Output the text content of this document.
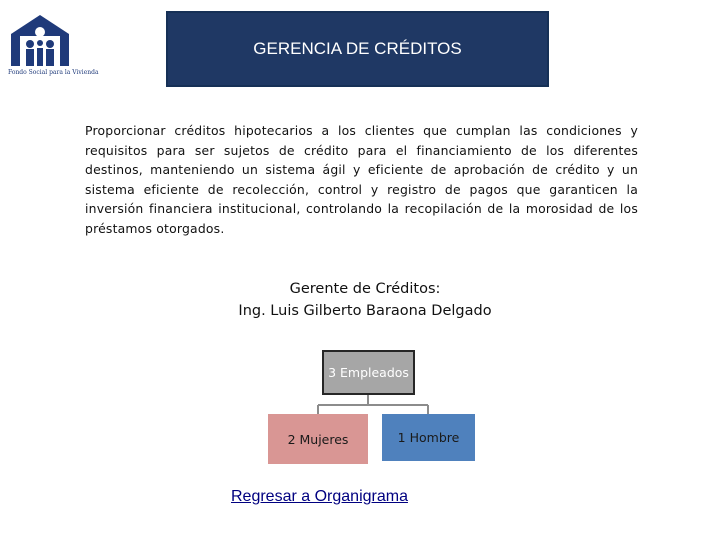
Fondo Social para la Vivienda
GERENCIA DE CRÉDITOS

Proporcionar créditos hipotecarios a los clientes que cumplan las condiciones y requisitos para ser sujetos de crédito para el financiamiento de los diferentes destinos, manteniendo un sistema ágil y eficiente de aprobación de crédito y un sistema eficiente de recolección, control y registro de pagos que garanticen la inversión financiera institucional, controlando la recopilación de la morosidad de los préstamos otorgados.

Gerente de Créditos:
Ing. Luis Gilberto Baraona Delgado
3 Empleados
2 Mujeres	1 Hombre
Regresar a Organigrama
